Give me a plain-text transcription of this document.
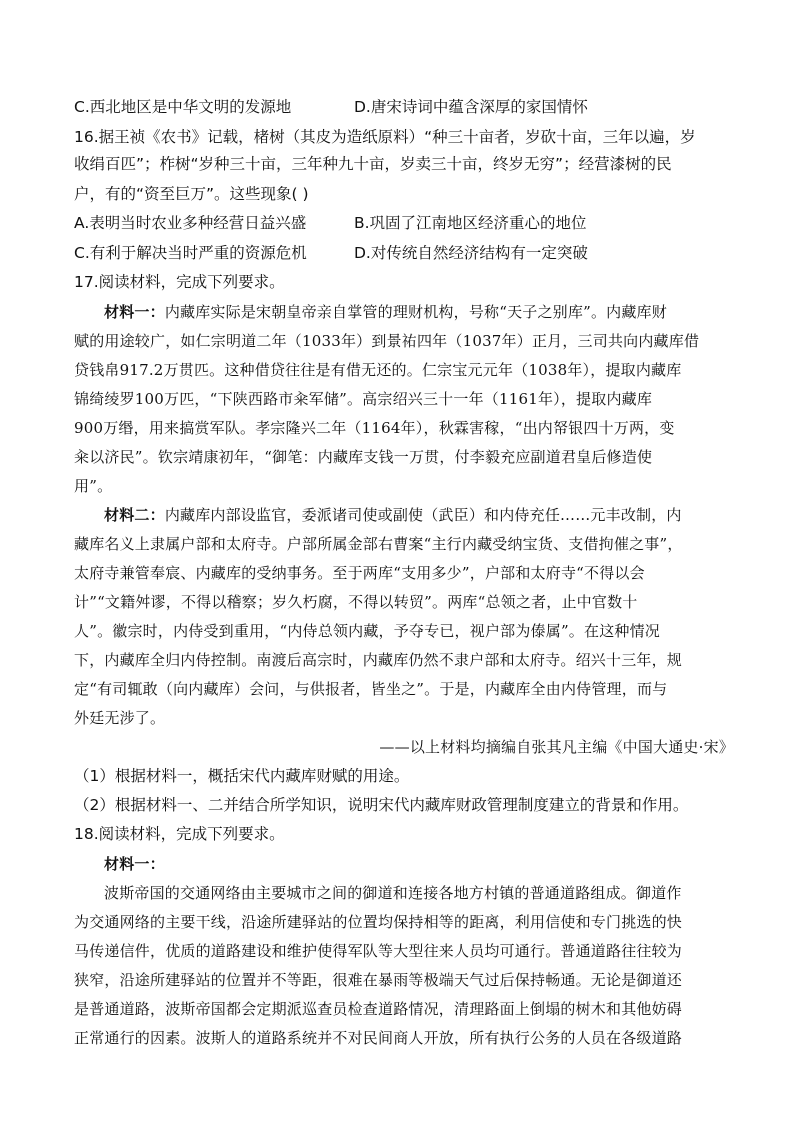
C.西北地区是中华文明的发源地	D.唐宋诗词中蕴含深厚的家国情怀
16.据王祯《农书》记载，楮树（其皮为造纸原料）“种三十亩者，岁砍十亩，三年以遍，岁
收绢百匹”；柞树“岁种三十亩，三年种九十亩，岁卖三十亩，终岁无穷”；经营漆树的民
户，有的“资至巨万”。这些现象( )
A.表明当时农业多种经营日益兴盛	B.巩固了江南地区经济重心的地位
C.有利于解决当时严重的资源危机	D.对传统自然经济结构有一定突破
17.阅读材料，完成下列要求。
材料一：内藏库实际是宋朝皇帝亲自掌管的理财机构，号称“天子之别库”。内藏库财
赋的用途较广，如仁宗明道二年（1033年）到景祐四年（1037年）正月，三司共向内藏库借
贷钱帛917.2万贯匹。这种借贷往往是有借无还的。仁宗宝元元年（1038年），提取内藏库
锦绮绫罗100万匹，“下陕西路市籴军储”。高宗绍兴三十一年（1161年），提取内藏库
900万缗，用来搞赏军队。孝宗隆兴二年（1164年），秋霖害稼，“出内帑银四十万两，变
籴以济民”。钦宗靖康初年，“御笔：内藏库支钱一万贯，付李毅充应副道君皇后修造使
用”。
材料二：内藏库内部设监官，委派诸司使或副使（武臣）和内侍充任……元丰改制，内
藏库名义上隶属户部和太府寺。户部所属金部右曹案“主行内藏受纳宝货、支借拘催之事”，
太府寺兼管奉宸、内藏库的受纳事务。至于两库“支用多少”，户部和太府寺“不得以会
计”“文籍舛谬，不得以稽察；岁久朽腐，不得以转贸”。两库“总领之者，止中官数十
人”。徽宗时，内侍受到重用，“内侍总领内藏，予夺专已，视户部为傣属”。在这种情况
下，内藏库全归内侍控制。南渡后高宗时，内藏库仍然不隶户部和太府寺。绍兴十三年，规
定“有司辄敢（向内藏库）会问，与供报者，皆坐之”。于是，内藏库全由内侍管理，而与
外廷无涉了。
——以上材料均摘编自张其凡主编《中国大通史·宋》
（1）根据材料一，概括宋代内藏库财赋的用途。
（2）根据材料一、二并结合所学知识，说明宋代内藏库财政管理制度建立的背景和作用。
18.阅读材料，完成下列要求。
材料一：
波斯帝国的交通网络由主要城市之间的御道和连接各地方村镇的普通道路组成。御道作
为交通网络的主要干线，沿途所建驿站的位置均保持相等的距离，利用信使和专门挑选的快
马传递信件，优质的道路建设和维护使得军队等大型往来人员均可通行。普通道路往往较为
狭窄，沿途所建驿站的位置并不等距，很难在暴雨等极端天气过后保持畅通。无论是御道还
是普通道路，波斯帝国都会定期派巡查员检查道路情况，清理路面上倒塌的树木和其他妨碍
正常通行的因素。波斯人的道路系统并不对民间商人开放，所有执行公务的人员在各级道路
